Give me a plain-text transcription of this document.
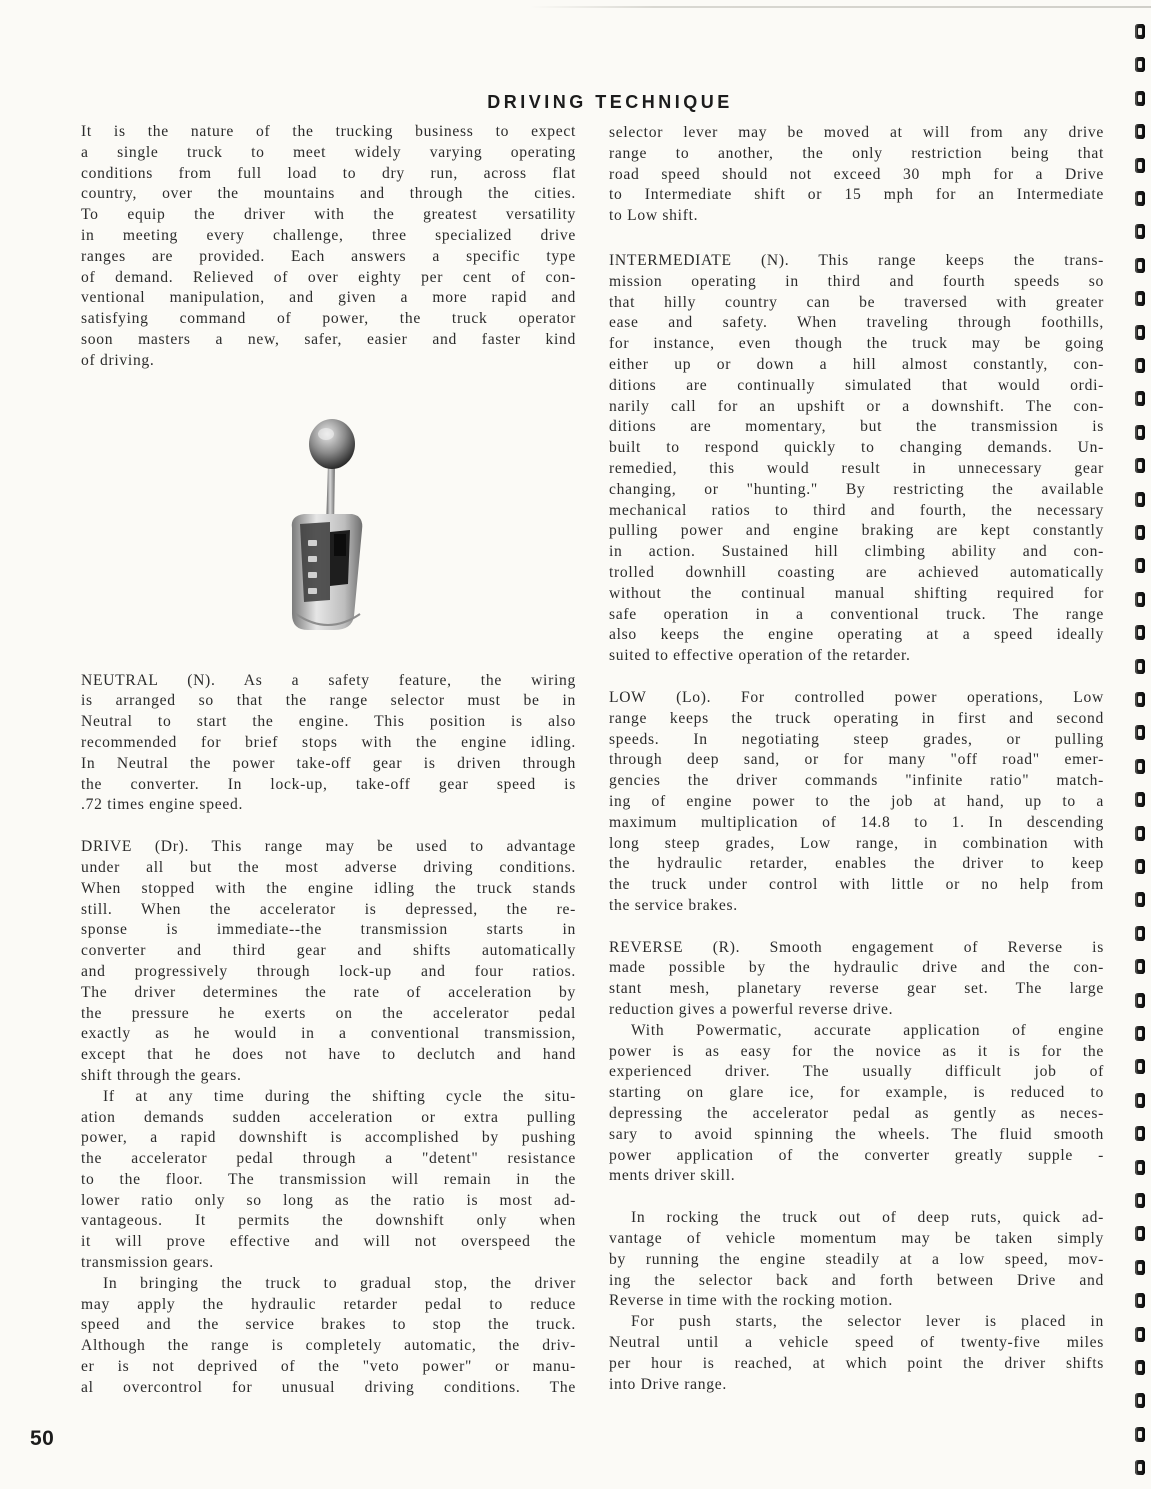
DRIVING TECHNIQUE

It is the nature of the trucking business to expect

a single truck to meet widely varying operating

conditions from full load to dry run, across flat

country, over the mountains and through the cities.

To equip the driver with the greatest versatility

in meeting every challenge, three specialized drive

ranges are provided. Each answers a specific type

of demand. Relieved of over eighty per cent of con-

ventional manipulation, and given a more rapid and

satisfying command of power, the truck operator

soon masters a new, safer, easier and faster kind

of driving.

NEUTRAL (N). As a safety feature, the wiring

is arranged so that the range selector must be in

Neutral to start the engine. This position is also

recommended for brief stops with the engine idling.

In Neutral the power take-off gear is driven through

the converter. In lock-up, take-off gear speed is

.72 times engine speed.

DRIVE (Dr). This range may be used to advantage

under all but the most adverse driving conditions.

When stopped with the engine idling the truck stands

still. When the accelerator is depressed, the re-

sponse is immediate--the transmission starts in

converter and third gear and shifts automatically

and progressively through lock-up and four ratios.

The driver determines the rate of acceleration by

the pressure he exerts on the accelerator pedal

exactly as he would in a conventional transmission,

except that he does not have to declutch and hand

shift through the gears.

If at any time during the shifting cycle the situ-

ation demands sudden acceleration or extra pulling

power, a rapid downshift is accomplished by pushing

the accelerator pedal through a "detent" resistance

to the floor. The transmission will remain in the

lower ratio only so long as the ratio is most ad-

vantageous. It permits the downshift only when

it will prove effective and will not overspeed the

transmission gears.

In bringing the truck to gradual stop, the driver

may apply the hydraulic retarder pedal to reduce

speed and the service brakes to stop the truck.

Although the range is completely automatic, the driv-

er is not deprived of the "veto power" or manu-

al overcontrol for unusual driving conditions. The

selector lever may be moved at will from any drive

range to another, the only restriction being that

road speed should not exceed 30 mph for a Drive

to Intermediate shift or 15 mph for an Intermediate

to Low shift.

INTERMEDIATE (N). This range keeps the trans-

mission operating in third and fourth speeds so

that hilly country can be traversed with greater

ease and safety. When traveling through foothills,

for instance, even though the truck may be going

either up or down a hill almost constantly, con-

ditions are continually simulated that would ordi-

narily call for an upshift or a downshift. The con-

ditions are momentary, but the transmission is

built to respond quickly to changing demands. Un-

remedied, this would result in unnecessary gear

changing, or "hunting." By restricting the available

mechanical ratios to third and fourth, the necessary

pulling power and engine braking are kept constantly

in action. Sustained hill climbing ability and con-

trolled downhill coasting are achieved automatically

without the continual manual shifting required for

safe operation in a conventional truck. The range

also keeps the engine operating at a speed ideally

suited to effective operation of the retarder.

LOW (Lo). For controlled power operations, Low

range keeps the truck operating in first and second

speeds. In negotiating steep grades, or pulling

through deep sand, or for many "off road" emer-

gencies the driver commands "infinite ratio" match-

ing of engine power to the job at hand, up to a

maximum multiplication of 14.8 to 1. In descending

long steep grades, Low range, in combination with

the hydraulic retarder, enables the driver to keep

the truck under control with little or no help from

the service brakes.

REVERSE (R). Smooth engagement of Reverse is

made possible by the hydraulic drive and the con-

stant mesh, planetary reverse gear set. The large

reduction gives a powerful reverse drive.

With Powermatic, accurate application of engine

power is as easy for the novice as it is for the

experienced driver. The usually difficult job of

starting on glare ice, for example, is reduced to

depressing the accelerator pedal as gently as neces-

sary to avoid spinning the wheels. The fluid smooth

power application of the converter greatly supple -

ments driver skill.

In rocking the truck out of deep ruts, quick ad-

vantage of vehicle momentum may be taken simply

by running the engine steadily at a low speed, mov-

ing the selector back and forth between Drive and

Reverse in time with the rocking motion.

For push starts, the selector lever is placed in

Neutral until a vehicle speed of twenty-five miles

per hour is reached, at which point the driver shifts

into Drive range.

50
